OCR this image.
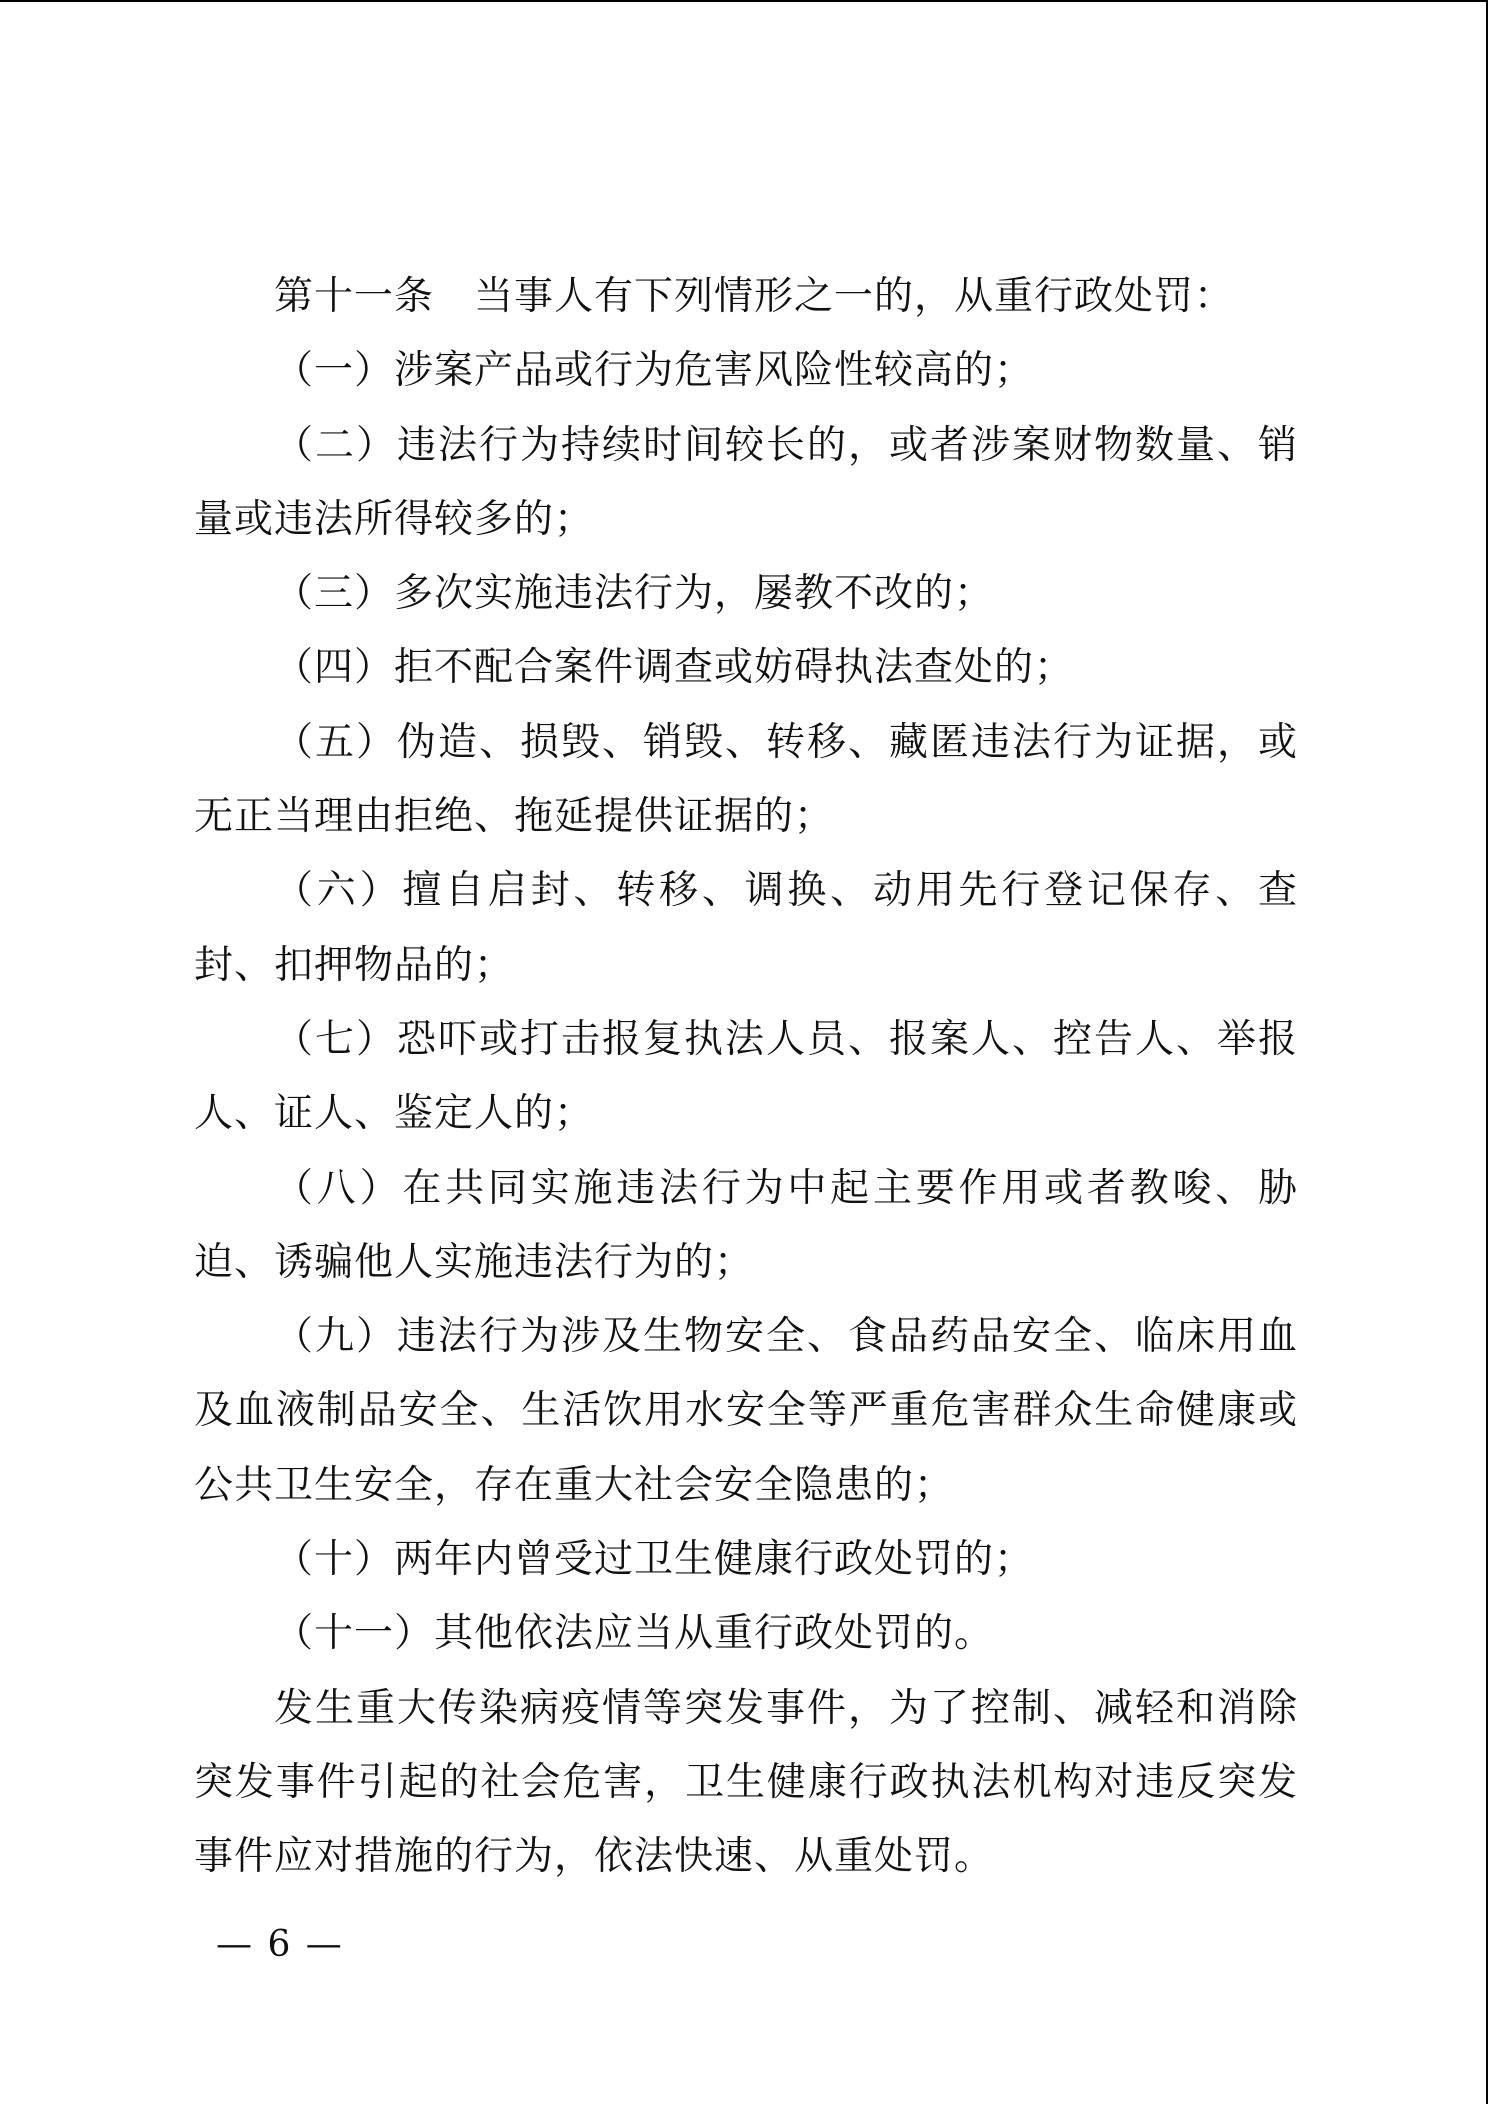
第十一条 当事人有下列情形之一的，从重行政处罚：

（一）涉案产品或行为危害风险性较高的；

（二）违法行为持续时间较长的，或者涉案财物数量、销量或违法所得较多的；

（三）多次实施违法行为，屡教不改的；

（四）拒不配合案件调查或妨碍执法查处的；

（五）伪造、损毁、销毁、转移、藏匿违法行为证据，或无正当理由拒绝、拖延提供证据的；

（六）擅自启封、转移、调换、动用先行登记保存、查封、扣押物品的；

（七）恐吓或打击报复执法人员、报案人、控告人、举报人、证人、鉴定人的；

（八）在共同实施违法行为中起主要作用或者教唆、胁迫、诱骗他人实施违法行为的；

（九）违法行为涉及生物安全、食品药品安全、临床用血及血液制品安全、生活饮用水安全等严重危害群众生命健康或公共卫生安全，存在重大社会安全隐患的；

（十）两年内曾受过卫生健康行政处罚的；

（十一）其他依法应当从重行政处罚的。

发生重大传染病疫情等突发事件，为了控制、减轻和消除突发事件引起的社会危害，卫生健康行政执法机构对违反突发事件应对措施的行为，依法快速、从重处罚。

— 6 —
